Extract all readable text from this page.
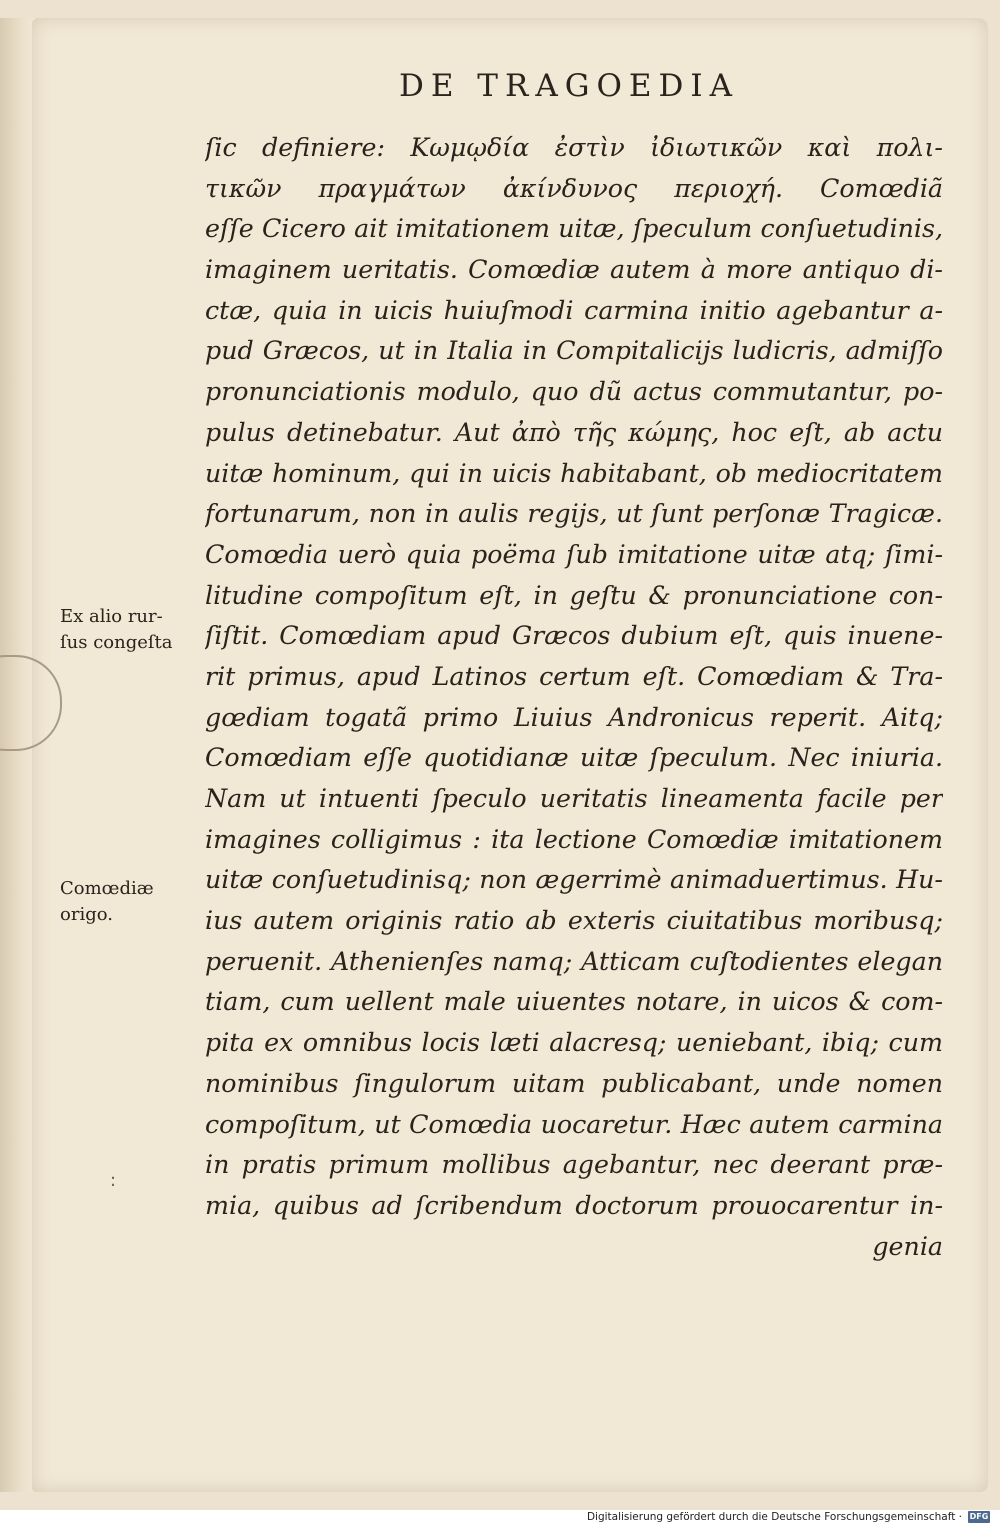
DE TRAGOEDIA
ſic definiere: Κωμῳδία ἐστὶν ἰδιωτικῶν καὶ πολι-
τικῶν πραγμάτων ἀκίνδυνος περιοχή. Comœdiã
eſſe Cicero ait imitationem uitæ, ſpeculum conſuetudinis,
imaginem ueritatis. Comœdiæ autem à more antiquo di-
ctæ, quia in uicis huiuſmodi carmina initio agebantur a-
pud Græcos, ut in Italia in Compitalicijs ludicris, admiſſo
pronunciationis modulo, quo dũ actus commutantur, po-
pulus detinebatur. Aut ἀπὸ τῆς κώμης, hoc eſt, ab actu
uitæ hominum, qui in uicis habitabant, ob mediocritatem
fortunarum, non in aulis regijs, ut ſunt perſonæ Tragicæ.
Comœdia uerò quia poëma ſub imitatione uitæ atq; ſimi-
litudine compoſitum eſt, in geſtu & pronunciatione con-
ſiſtit. Comœdiam apud Græcos dubium eſt, quis inuene-
rit primus, apud Latinos certum eſt. Comœdiam & Tra-
gœdiam togatã primo Liuius Andronicus reperit. Aitq;
Comœdiam eſſe quotidianæ uitæ ſpeculum. Nec iniuria.
Nam ut intuenti ſpeculo ueritatis lineamenta facile per
imagines colligimus : ita lectione Comœdiæ imitationem
uitæ conſuetudinisq; non ægerrimè animaduertimus. Hu-
ius autem originis ratio ab exteris ciuitatibus moribusq;
peruenit. Athenienſes namq; Atticam cuſtodientes elegan
tiam, cum uellent male uiuentes notare, in uicos & com-
pita ex omnibus locis læti alacresq; ueniebant, ibiq; cum
nominibus ſingulorum uitam publicabant, unde nomen
compoſitum, ut Comœdia uocaretur. Hæc autem carmina
in pratis primum mollibus agebantur, nec deerant præ-
mia, quibus ad ſcribendum doctorum prouocarentur in-
genia
Ex alio rur-
ſus congeſta
Comœdiæ
origo.
:
Digitalisierung gefördert durch die Deutsche Forschungsgemeinschaft · DFG
